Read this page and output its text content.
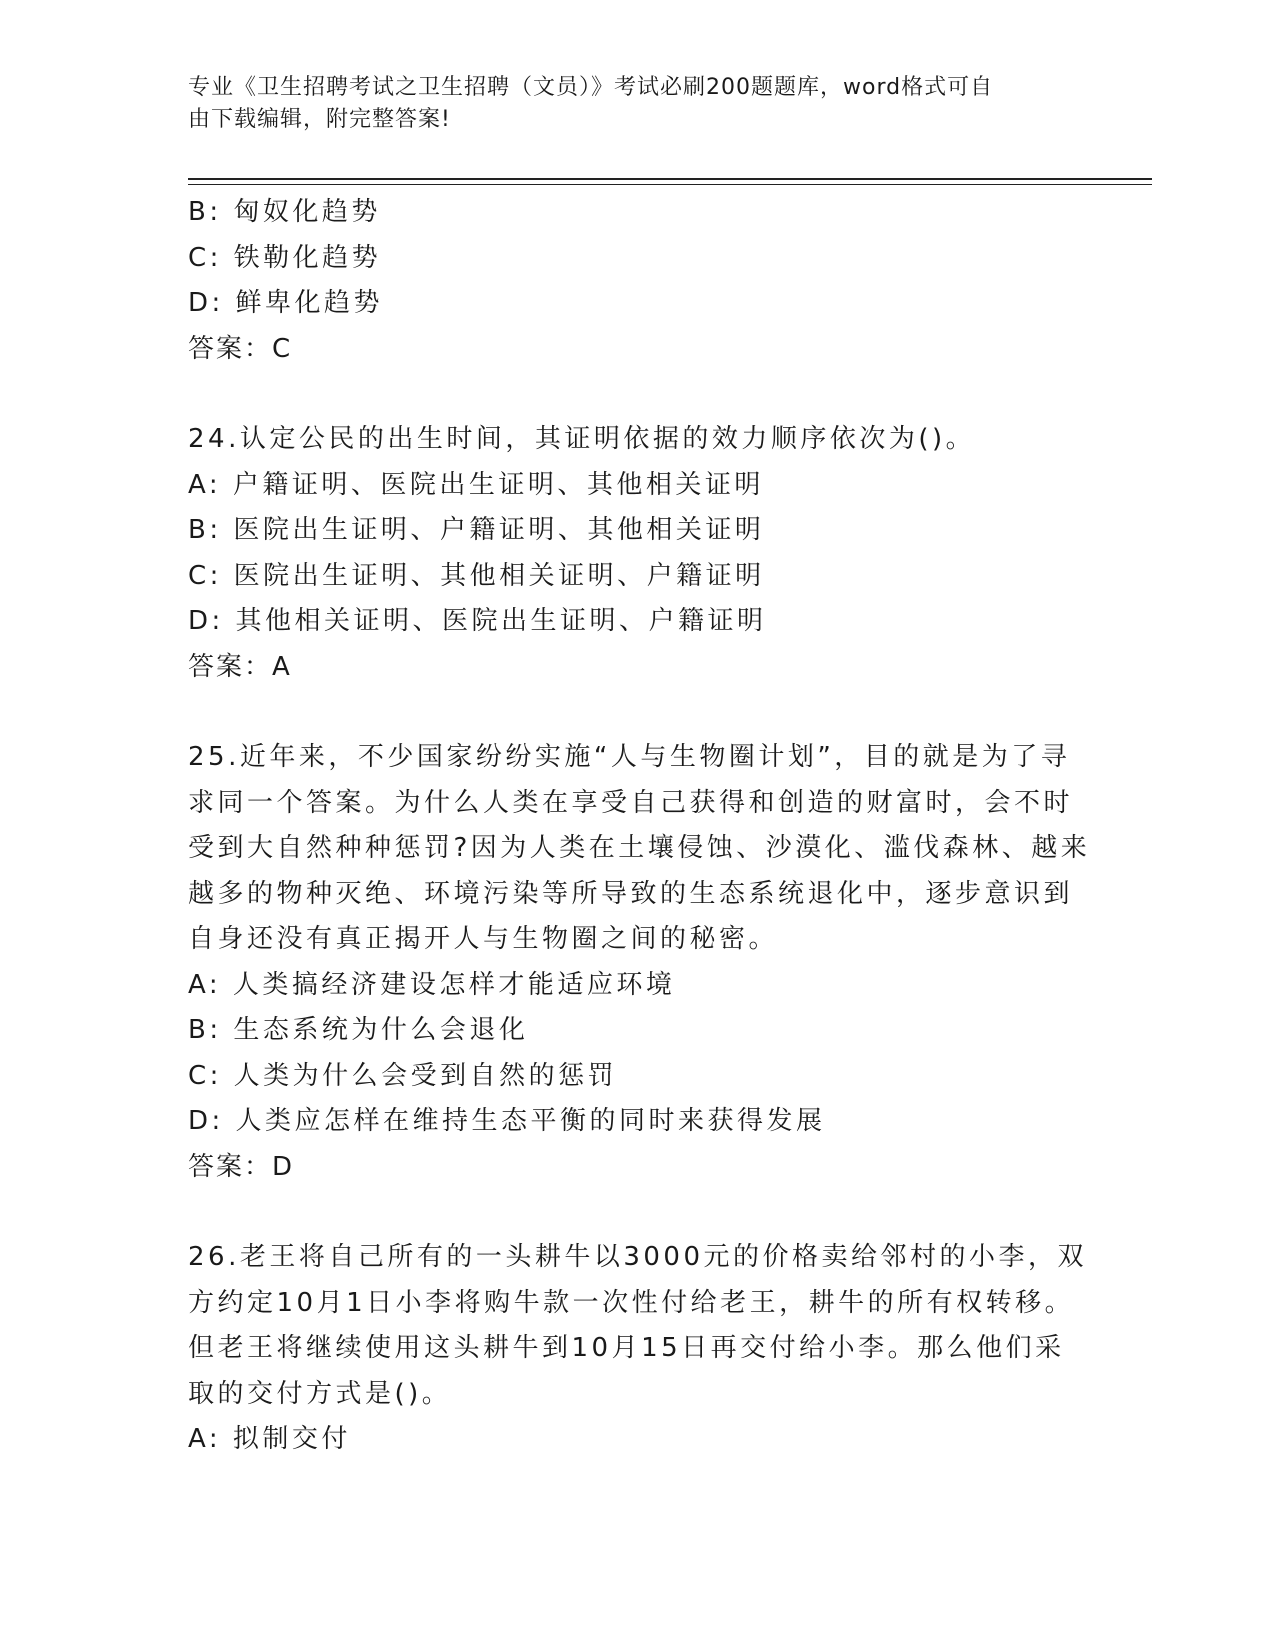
专业《卫生招聘考试之卫生招聘（文员）》考试必刷200题题库，word格式可自
由下载编辑，附完整答案!
B: 匈奴化趋势
C: 铁勒化趋势
D: 鲜卑化趋势
答案：C
24.认定公民的出生时间，其证明依据的效力顺序依次为()。
A: 户籍证明、医院出生证明、其他相关证明
B: 医院出生证明、户籍证明、其他相关证明
C: 医院出生证明、其他相关证明、户籍证明
D: 其他相关证明、医院出生证明、户籍证明
答案：A
25.近年来，不少国家纷纷实施“人与生物圈计划”，目的就是为了寻
求同一个答案。为什么人类在享受自己获得和创造的财富时，会不时
受到大自然种种惩罚?因为人类在土壤侵蚀、沙漠化、滥伐森林、越来
越多的物种灭绝、环境污染等所导致的生态系统退化中，逐步意识到
自身还没有真正揭开人与生物圈之间的秘密。
A: 人类搞经济建设怎样才能适应环境
B: 生态系统为什么会退化
C: 人类为什么会受到自然的惩罚
D: 人类应怎样在维持生态平衡的同时来获得发展
答案：D
26.老王将自己所有的一头耕牛以3000元的价格卖给邻村的小李，双
方约定10月1日小李将购牛款一次性付给老王，耕牛的所有权转移。
但老王将继续使用这头耕牛到10月15日再交付给小李。那么他们采
取的交付方式是()。
A: 拟制交付
